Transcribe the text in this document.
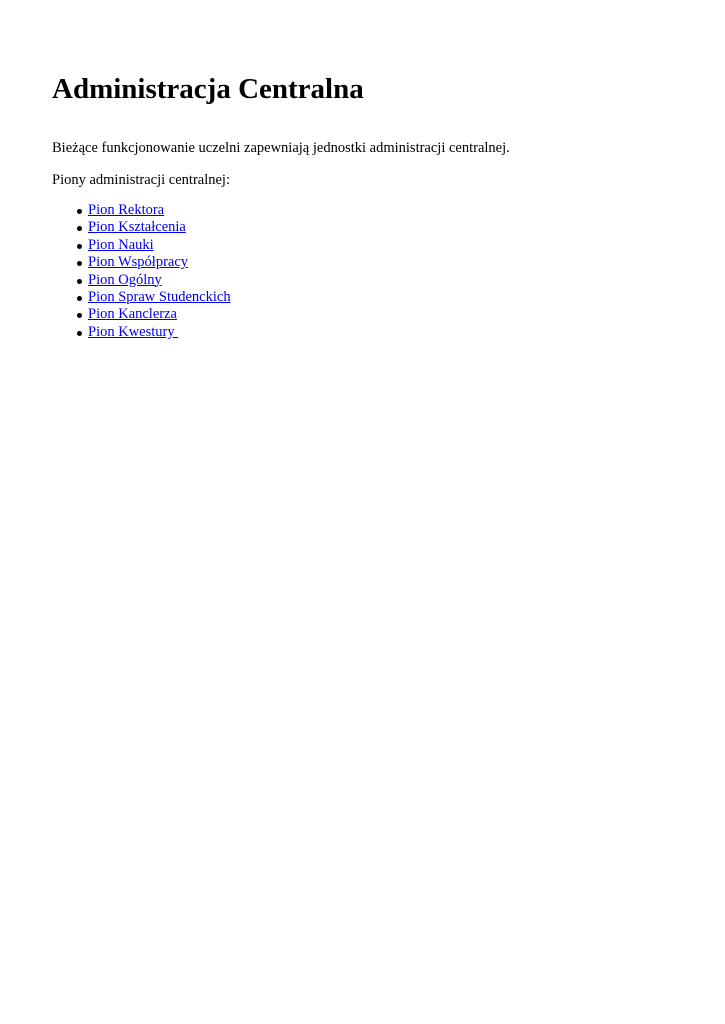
Administracja Centralna

Bieżące funkcjonowanie uczelni zapewniają jednostki administracji centralnej.

Piony administracji centralnej:

Pion Rektora
Pion Kształcenia
Pion Nauki
Pion Współpracy
Pion Ogólny
Pion Spraw Studenckich
Pion Kanclerza
Pion Kwestury
